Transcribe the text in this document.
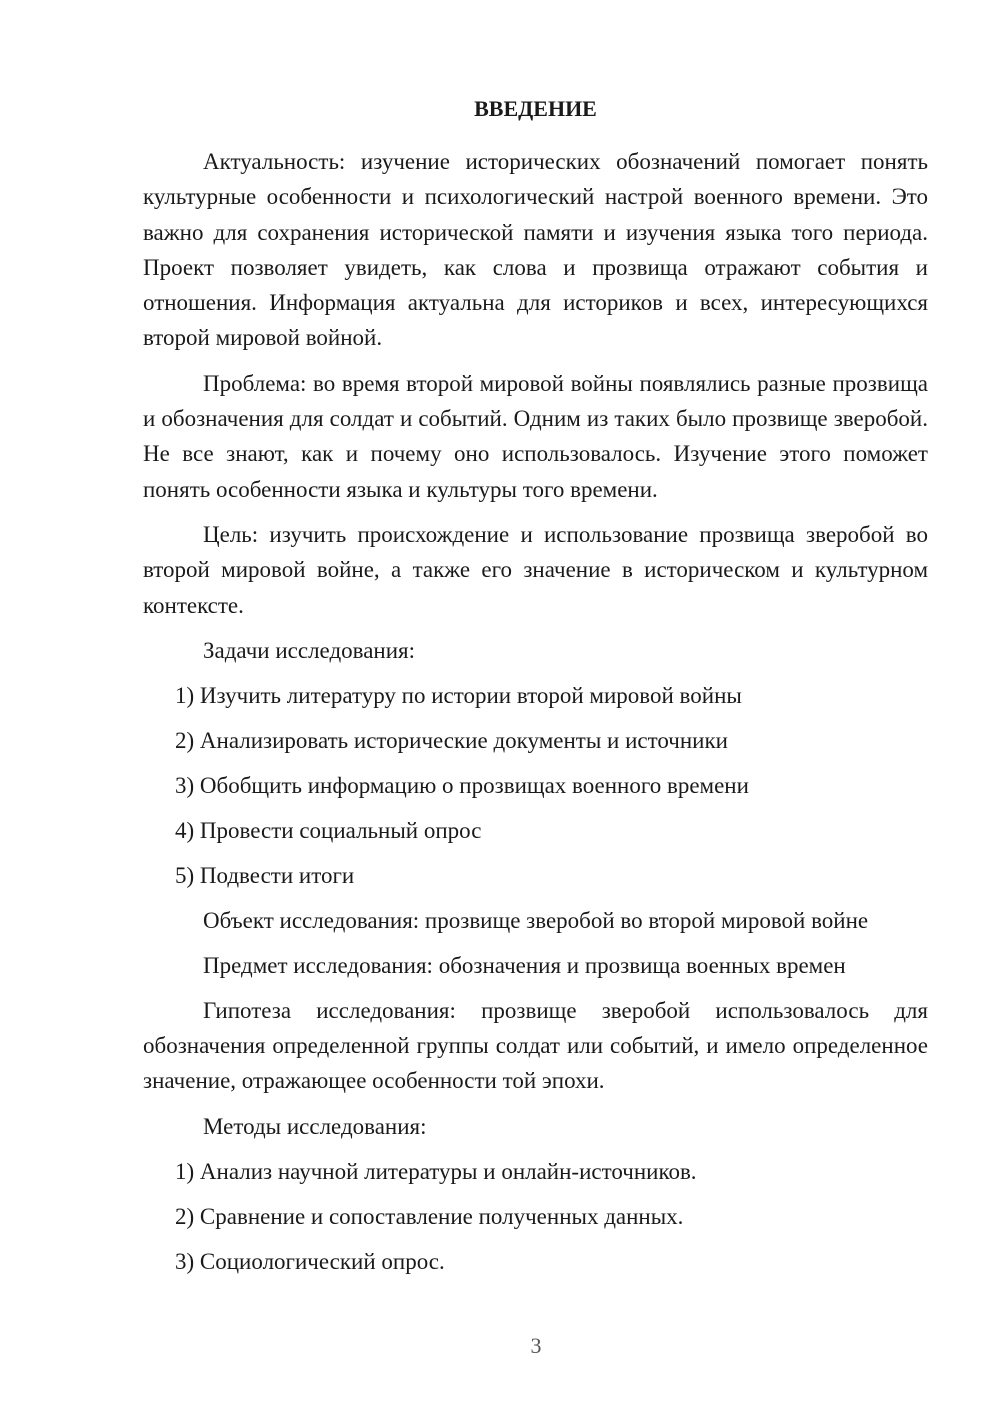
ВВЕДЕНИЕ

Актуальность: изучение исторических обозначений помогает понять культурные особенности и психологический настрой военного времени. Это важно для сохранения исторической памяти и изучения языка того периода. Проект позволяет увидеть, как слова и прозвища отражают события и отношения. Информация актуальна для историков и всех, интересующихся второй мировой войной.

Проблема: во время второй мировой войны появлялись разные прозвища и обозначения для солдат и событий. Одним из таких было прозвище зверобой. Не все знают, как и почему оно использовалось. Изучение этого поможет понять особенности языка и культуры того времени.

Цель: изучить происхождение и использование прозвища зверобой во второй мировой войне, а также его значение в историческом и культурном контексте.

Задачи исследования:
1) Изучить литературу по истории второй мировой войны
2) Анализировать исторические документы и источники
3) Обобщить информацию о прозвищах военного времени
4) Провести социальный опрос
5) Подвести итоги
Объект исследования: прозвище зверобой во второй мировой войне
Предмет исследования: обозначения и прозвища военных времен

Гипотеза исследования: прозвище зверобой использовалось для обозначения определенной группы солдат или событий, и имело определенное значение, отражающее особенности той эпохи.

Методы исследования:
1) Анализ научной литературы и онлайн-источников.
2) Сравнение и сопоставление полученных данных.
3) Социологический опрос.
3
